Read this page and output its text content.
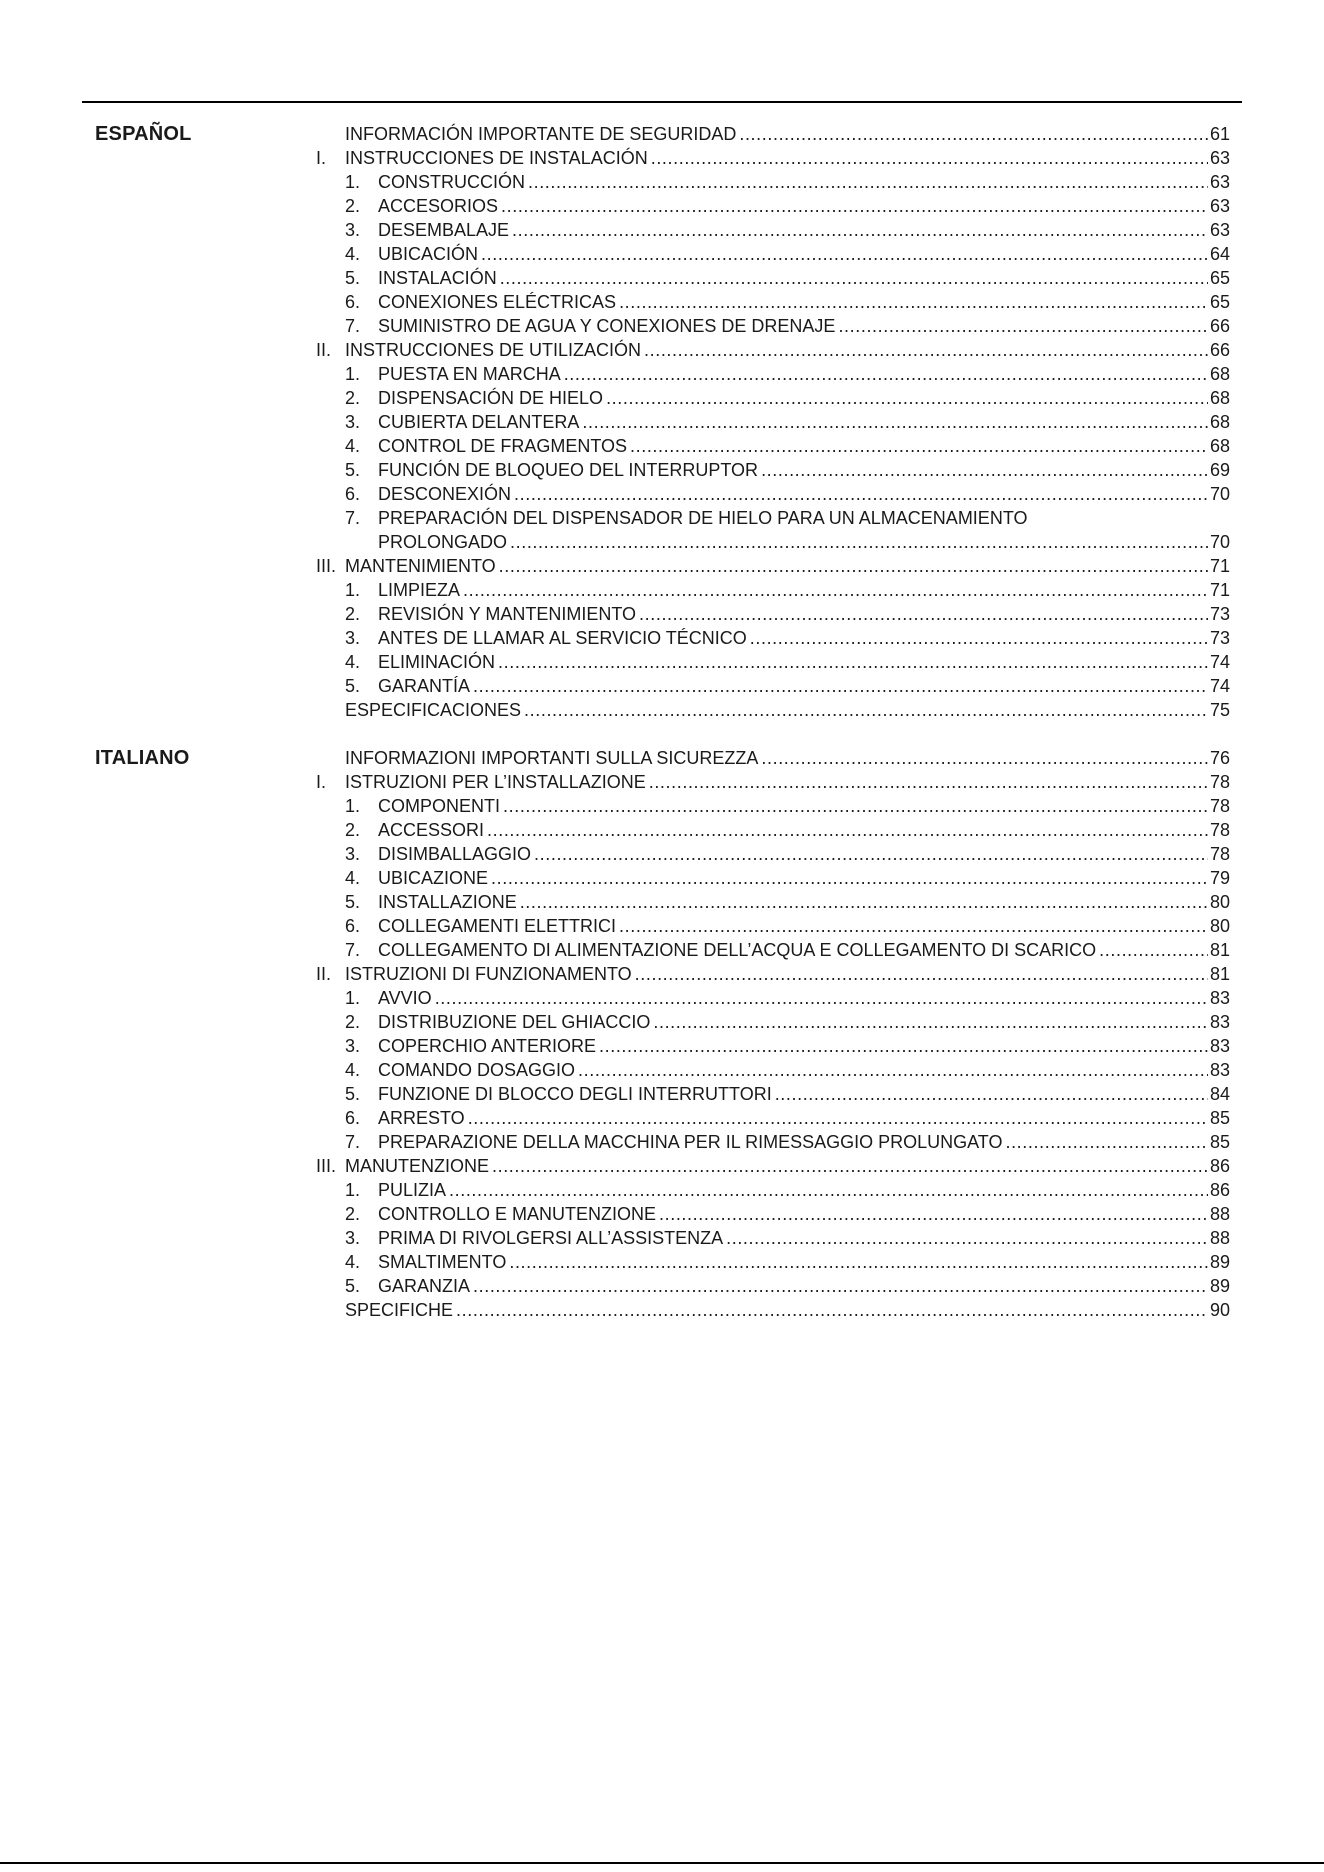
ESPAÑOL	INFORMACIÓN IMPORTANTE DE SEGURIDAD .....	61
I.	INSTRUCCIONES DE INSTALACIÓN .....	63
1. CONSTRUCCIÓN .....	63
2. ACCESORIOS .....	63
3. DESEMBALAJE .....	63
4. UBICACIÓN .....	64
5. INSTALACIÓN .....	65
6. CONEXIONES ELÉCTRICAS .....	65
7. SUMINISTRO DE AGUA Y CONEXIONES DE DRENAJE .....	66
II. INSTRUCCIONES DE UTILIZACIÓN .....	66
1. PUESTA EN MARCHA .....	68
2. DISPENSACIÓN DE HIELO .....	68
3. CUBIERTA DELANTERA .....	68
4. CONTROL DE FRAGMENTOS .....	68
5. FUNCIÓN DE BLOQUEO DEL INTERRUPTOR .....	69
6. DESCONEXIÓN .....	70
7. PREPARACIÓN DEL DISPENSADOR DE HIELO PARA UN ALMACENAMIENTO
PROLONGADO .....	70
III. MANTENIMIENTO .....	71
1. LIMPIEZA .....	71
2. REVISIÓN Y MANTENIMIENTO .....	73
3. ANTES DE LLAMAR AL SERVICIO TÉCNICO .....	73
4. ELIMINACIÓN .....	74
5. GARANTÍA .....	74
ESPECIFICACIONES .....	75
ITALIANO	INFORMAZIONI IMPORTANTI SULLA SICUREZZA .....	76
I.	ISTRUZIONI PER L’INSTALLAZIONE .....	78
1. COMPONENTI .....	78
2. ACCESSORI .....	78
3. DISIMBALLAGGIO .....	78
4. UBICAZIONE .....	79
5. INSTALLAZIONE .....	80
6. COLLEGAMENTI ELETTRICI .....	80
7. COLLEGAMENTO DI ALIMENTAZIONE DELL’ACQUA E COLLEGAMENTO DI SCARICO .....	81
II. ISTRUZIONI DI FUNZIONAMENTO .....	81
1. AVVIO .....	83
2. DISTRIBUZIONE DEL GHIACCIO .....	83
3. COPERCHIO ANTERIORE .....	83
4. COMANDO DOSAGGIO .....	83
5. FUNZIONE DI BLOCCO DEGLI INTERRUTTORI .....	84
6. ARRESTO .....	85
7. PREPARAZIONE DELLA MACCHINA PER IL RIMESSAGGIO PROLUNGATO .....	85
III. MANUTENZIONE .....	86
1. PULIZIA .....	86
2. CONTROLLO E MANUTENZIONE .....	88
3. PRIMA DI RIVOLGERSI ALL’ASSISTENZA .....	88
4. SMALTIMENTO .....	89
5. GARANZIA .....	89
SPECIFICHE .....	90
